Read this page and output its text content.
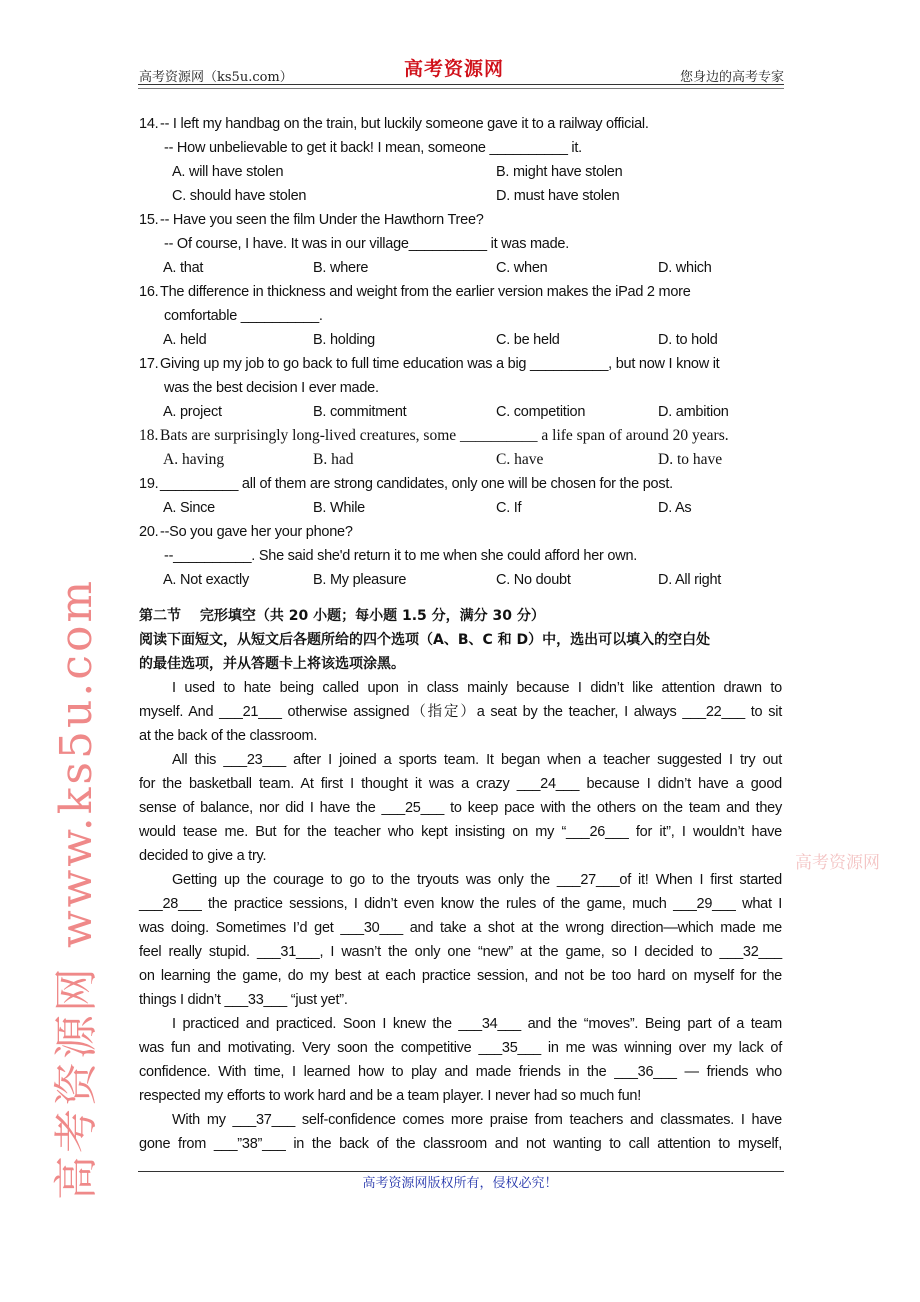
高考资源网（ks5u.com）	高考资源网	您身边的高考专家
14. -- I left my handbag on the train, but luckily someone gave it to a railway official.
-- How unbelievable to get it back! I mean, someone __________ it.
A. will have stolen	B. might have stolen
C. should have stolen	D. must have stolen
15. -- Have you seen the film Under the Hawthorn Tree?
-- Of course, I have. It was in our village__________ it was made.
A. that	B. where	C. when	D. which
16. The difference in thickness and weight from the earlier version makes the iPad 2 more
comfortable __________.
A. held	B. holding	C. be held	D. to hold
17. Giving up my job to go back to full time education was a big __________, but now I know it
was the best decision I ever made.
A. project	B. commitment	C. competition	D. ambition
18. Bats are surprisingly long-lived creatures, some __________ a life span of around 20 years.
A. having	B. had	C. have	D. to have
19. __________ all of them are strong candidates, only one will be chosen for the post.
A. Since	B. While	C. If	D. As
20. --So you gave her your phone?
--__________. She said she'd return it to me when she could afford her own.
A. Not exactly	B. My pleasure	C. No doubt	D. All right
第二节　 完形填空（共 20 小题；每小题 1.5 分，满分 30 分）
阅读下面短文，从短文后各题所给的四个选项（A、B、C 和 D）中，选出可以填入的空白处
的最佳选项，并从答题卡上将该选项涂黑。
I used to hate being called upon in class mainly because I didn’t like attention drawn to
myself. And ___21___ otherwise assigned（指定）a seat by the teacher, I always ___22___ to sit
at the back of the classroom.
All this ___23___ after I joined a sports team. It began when a teacher suggested I try out
for the basketball team. At first I thought it was a crazy ___24___ because I didn’t have a good
sense of balance, nor did I have the ___25___ to keep pace with the others on the team and they
would tease me. But for the teacher who kept insisting on my “___26___ for it”, I wouldn’t have
decided to give a try.
Getting up the courage to go to the tryouts was only the ___27___of it! When I first started
___28___ the practice sessions, I didn’t even know the rules of the game, much ___29___ what I
was doing. Sometimes I’d get ___30___ and take a shot at the wrong direction—which made me
feel really stupid. ___31___, I wasn’t the only one “new” at the game, so I decided to ___32___
on learning the game, do my best at each practice session, and not be too hard on myself for the
things I didn’t ___33___ “just yet”.
I practiced and practiced. Soon I knew the ___34___ and the “moves”. Being part of a team
was fun and motivating. Very soon the competitive ___35___ in me was winning over my lack of
confidence. With time, I learned how to play and made friends in the ___36___ — friends who
respected my efforts to work hard and be a team player. I never had so much fun!
With my ___37___ self-confidence comes more praise from teachers and classmates. I have
gone from ___”38”___ in the back of the classroom and not wanting to call attention to myself,
高考资源网版权所有，侵权必究！
高考资源网 www.ks5u.com	高考资源网
